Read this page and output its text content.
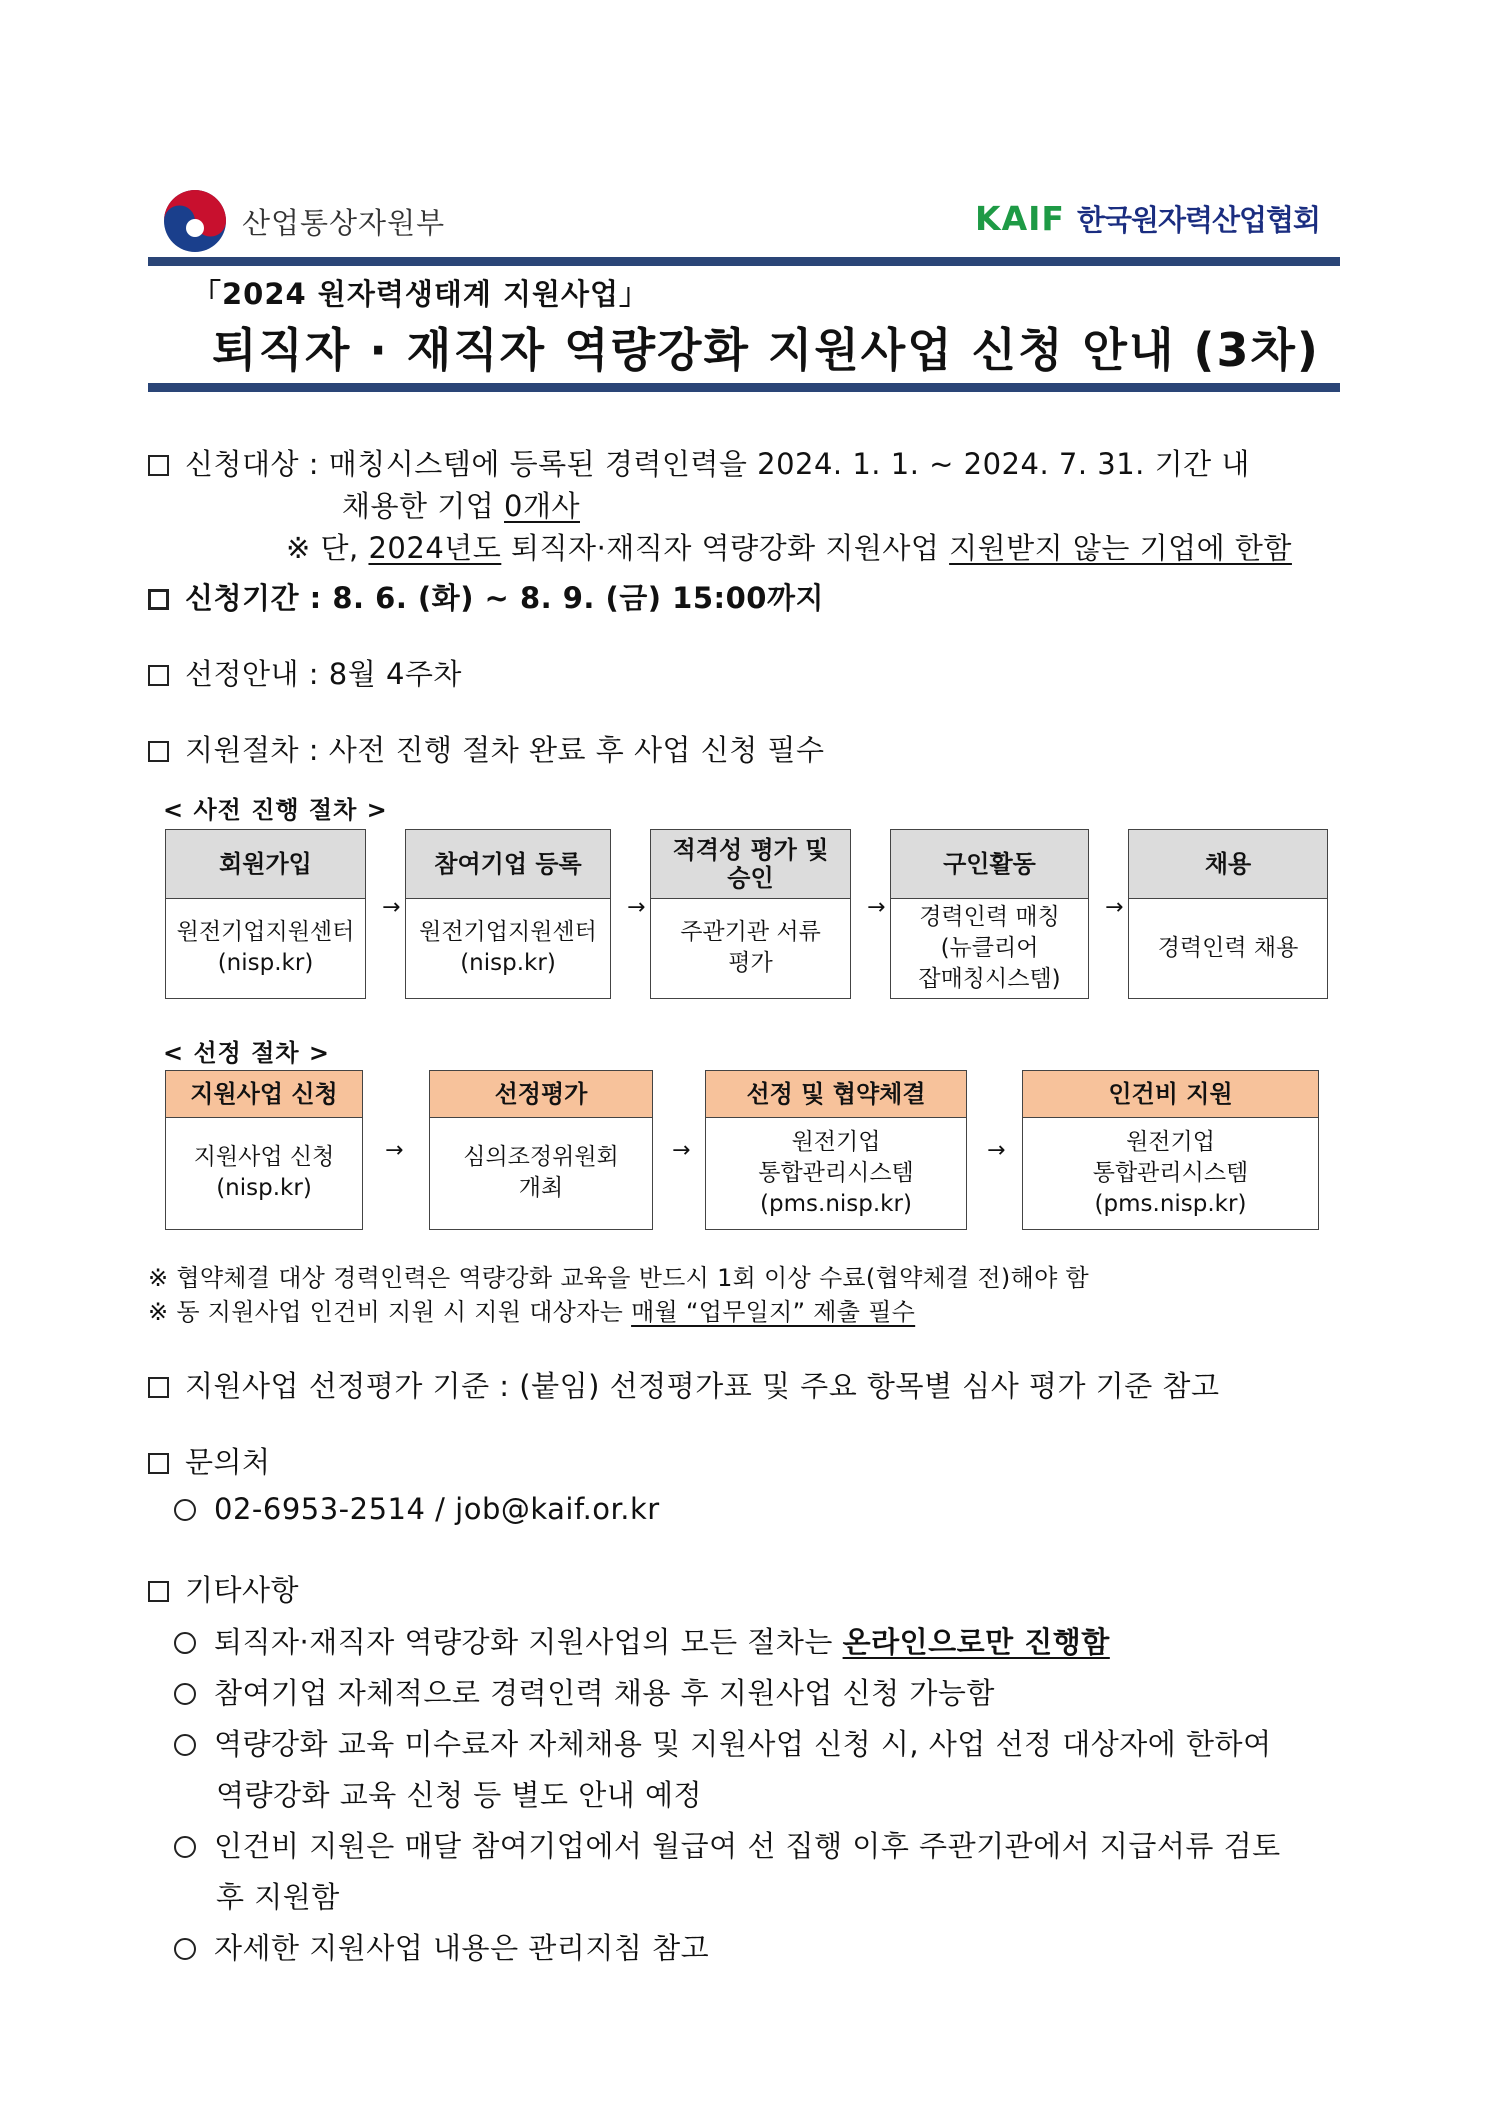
산업통상자원부	KAIF 한국원자력산업협회
「2024 원자력생태계 지원사업」
퇴직자 · 재직자 역량강화 지원사업 신청 안내 (3차)
신청대상 : 매칭시스템에 등록된 경력인력을 2024. 1. 1. ~ 2024. 7. 31. 기간 내
채용한 기업 0개사
※ 단, 2024년도 퇴직자·재직자 역량강화 지원사업 지원받지 않는 기업에 한함
신청기간 : 8. 6. (화) ~ 8. 9. (금) 15:00까지
선정안내 : 8월 4주차
지원절차 : 사전 진행 절차 완료 후 사업 신청 필수
< 사전 진행 절차 >
회원가입
원전기업지원센터
(nisp.kr)
→
참여기업 등록
원전기업지원센터
(nisp.kr)
→
적격성 평가 및
승인
주관기관 서류
평가
→
구인활동
경력인력 매칭
(뉴클리어
잡매칭시스템)
→
채용
경력인력 채용
< 선정 절차 >
지원사업 신청
지원사업 신청
(nisp.kr)
→
선정평가
심의조정위원회
개최
→
선정 및 협약체결
원전기업
통합관리시스템
(pms.nisp.kr)
→
인건비 지원
원전기업
통합관리시스템
(pms.nisp.kr)
※ 협약체결 대상 경력인력은 역량강화 교육을 반드시 1회 이상 수료(협약체결 전)해야 함
※ 동 지원사업 인건비 지원 시 지원 대상자는 매월 “업무일지” 제출 필수
지원사업 선정평가 기준 : (붙임) 선정평가표 및 주요 항목별 심사 평가 기준 참고
문의처
02-6953-2514 / job@kaif.or.kr
기타사항
퇴직자·재직자 역량강화 지원사업의 모든 절차는 온라인으로만 진행함
참여기업 자체적으로 경력인력 채용 후 지원사업 신청 가능함
역량강화 교육 미수료자 자체채용 및 지원사업 신청 시, 사업 선정 대상자에 한하여
역량강화 교육 신청 등 별도 안내 예정
인건비 지원은 매달 참여기업에서 월급여 선 집행 이후 주관기관에서 지급서류 검토
후 지원함
자세한 지원사업 내용은 관리지침 참고
